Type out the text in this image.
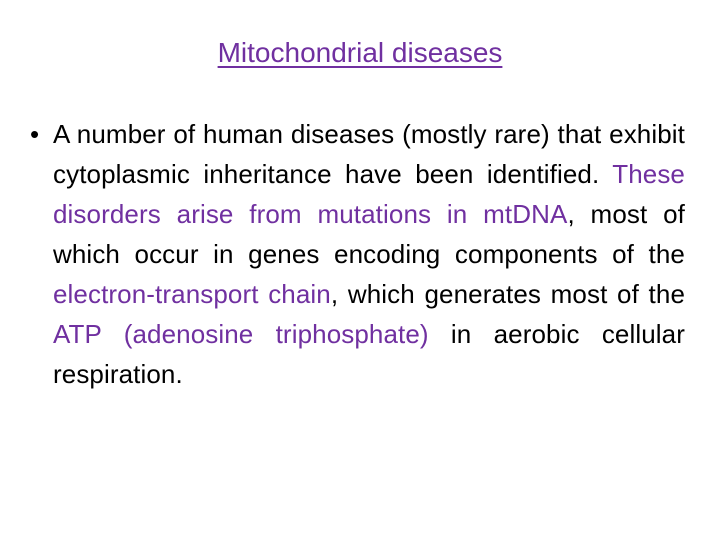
Mitochondrial diseases
• A number of human diseases (mostly rare) that exhibit cytoplasmic inheritance have been identified. These disorders arise from mutations in mtDNA, most of which occur in genes encoding components of the electron-transport chain, which generates most of the ATP (adenosine triphosphate) in aerobic cellular respiration.
